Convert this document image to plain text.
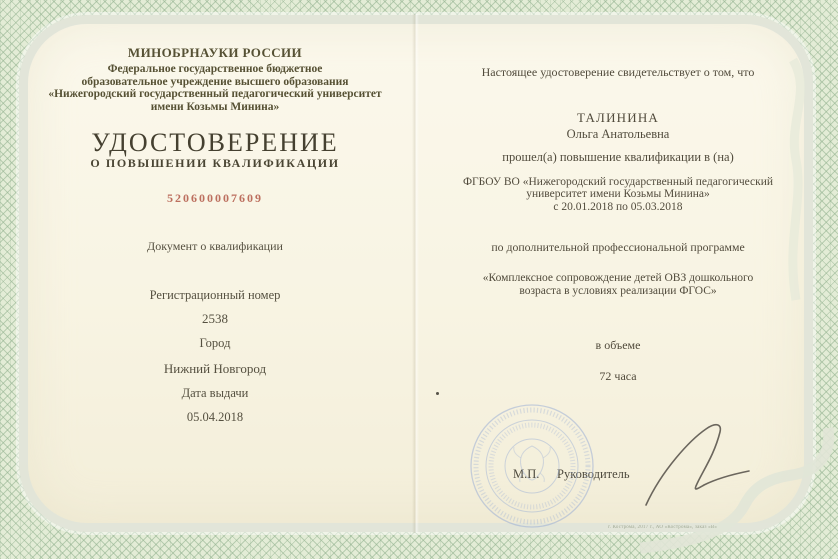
МИНОБРНАУКИ РОССИИ
Федеральное государственное бюджетное
образовательное учреждение высшего образования
«Нижегородский государственный педагогический университет
имени Козьмы Минина»
УДОСТОВЕРЕНИЕ
О ПОВЫШЕНИИ КВАЛИФИКАЦИИ
520600007609
Документ о квалификации
Регистрационный номер
2538
Город
Нижний Новгород
Дата выдачи
05.04.2018
Настоящее удостоверение свидетельствует о том, что
ТАЛИНИНА
Ольга Анатольевна
прошел(а) повышение квалификации в (на)
ФГБОУ ВО «Нижегородский государственный педагогический
университет имени Козьмы Минина»
с 20.01.2018 по 05.03.2018
по дополнительной профессиональной программе
«Комплексное сопровождение детей ОВЗ дошкольного
возраста в условиях реализации ФГОС»
в объеме
72 часа
М.П. Руководитель
г. Кострома, 2017 г., АО «Кострома», заказ «В»
